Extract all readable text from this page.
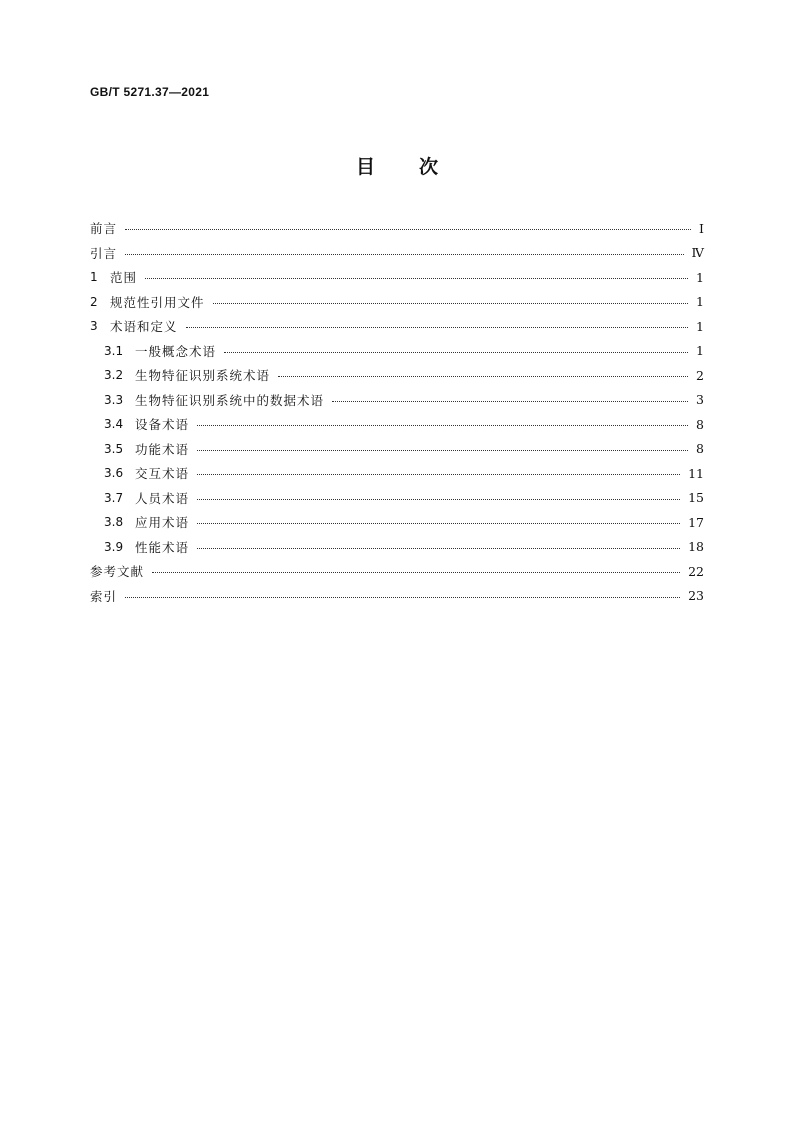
GB/T 5271.37—2021
目次
前言	Ⅰ
引言	Ⅳ
1 范围	1
2 规范性引用文件	1
3 术语和定义	1
3.1 一般概念术语	1
3.2 生物特征识别系统术语	2
3.3 生物特征识别系统中的数据术语	3
3.4 设备术语	8
3.5 功能术语	8
3.6 交互术语	11
3.7 人员术语	15
3.8 应用术语	17
3.9 性能术语	18
参考文献	22
索引	23
